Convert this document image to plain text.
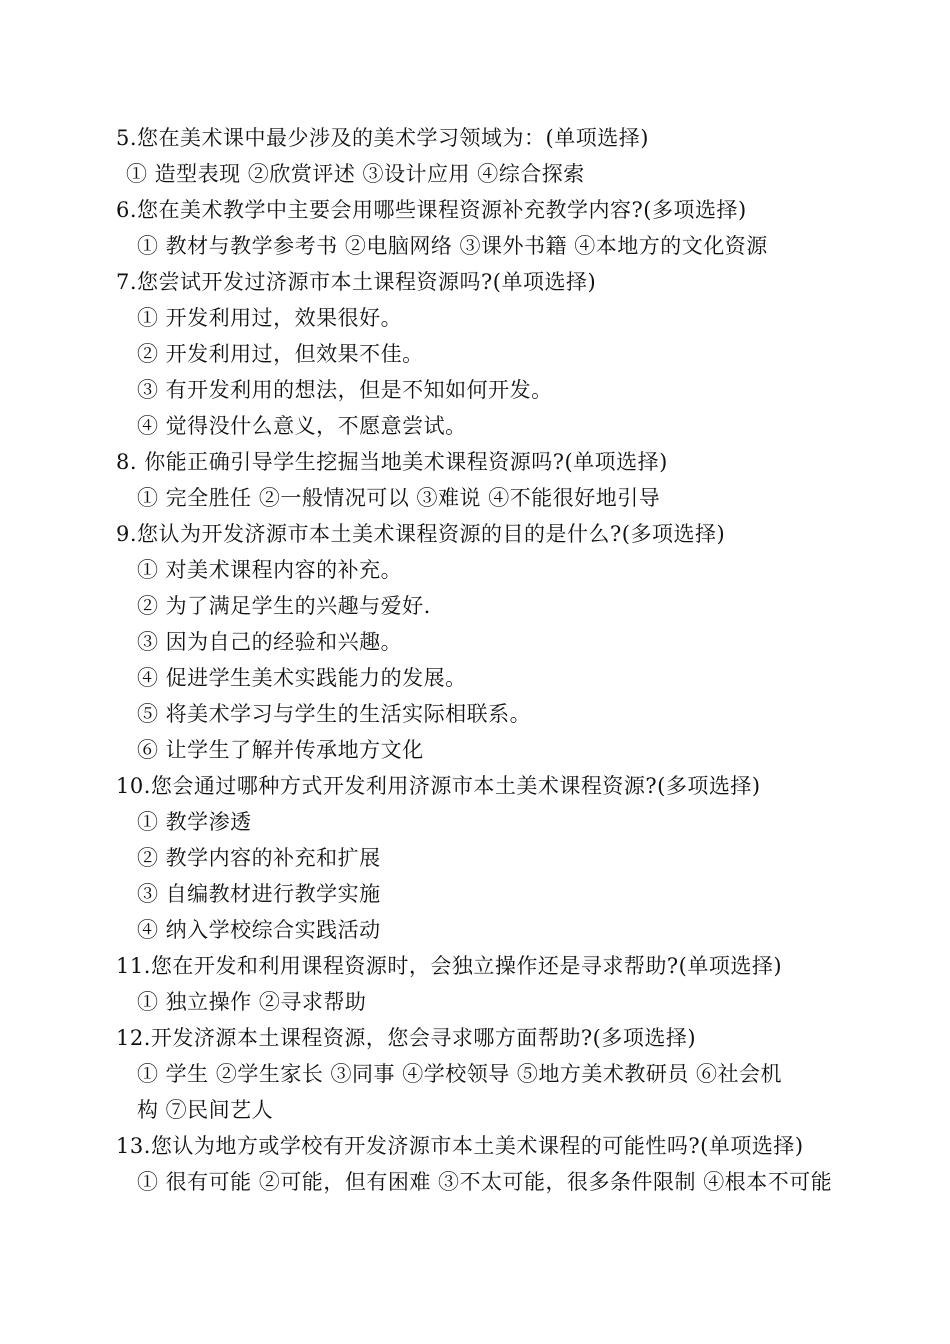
5.您在美术课中最少涉及的美术学习领域为：(单项选择)
① 造型表现 ②欣赏评述 ③设计应用 ④综合探索
6.您在美术教学中主要会用哪些课程资源补充教学内容?(多项选择)
① 教材与教学参考书 ②电脑网络 ③课外书籍 ④本地方的文化资源
7.您尝试开发过济源市本土课程资源吗?(单项选择)
① 开发利用过，效果很好。
② 开发利用过，但效果不佳。
③ 有开发利用的想法，但是不知如何开发。
④ 觉得没什么意义，不愿意尝试。
8. 你能正确引导学生挖掘当地美术课程资源吗?(单项选择)
① 完全胜任 ②一般情况可以 ③难说 ④不能很好地引导
9.您认为开发济源市本土美术课程资源的目的是什么?(多项选择)
① 对美术课程内容的补充。
② 为了满足学生的兴趣与爱好.
③ 因为自己的经验和兴趣。
④ 促进学生美术实践能力的发展。
⑤ 将美术学习与学生的生活实际相联系。
⑥ 让学生了解并传承地方文化
10.您会通过哪种方式开发利用济源市本土美术课程资源?(多项选择)
① 教学渗透
② 教学内容的补充和扩展
③ 自编教材进行教学实施
④ 纳入学校综合实践活动
11.您在开发和利用课程资源时，会独立操作还是寻求帮助?(单项选择)
① 独立操作 ②寻求帮助
12.开发济源本土课程资源，您会寻求哪方面帮助?(多项选择)
① 学生 ②学生家长 ③同事 ④学校领导 ⑤地方美术教研员 ⑥社会机
构 ⑦民间艺人
13.您认为地方或学校有开发济源市本土美术课程的可能性吗?(单项选择)
① 很有可能 ②可能，但有困难 ③不太可能，很多条件限制 ④根本不可能
